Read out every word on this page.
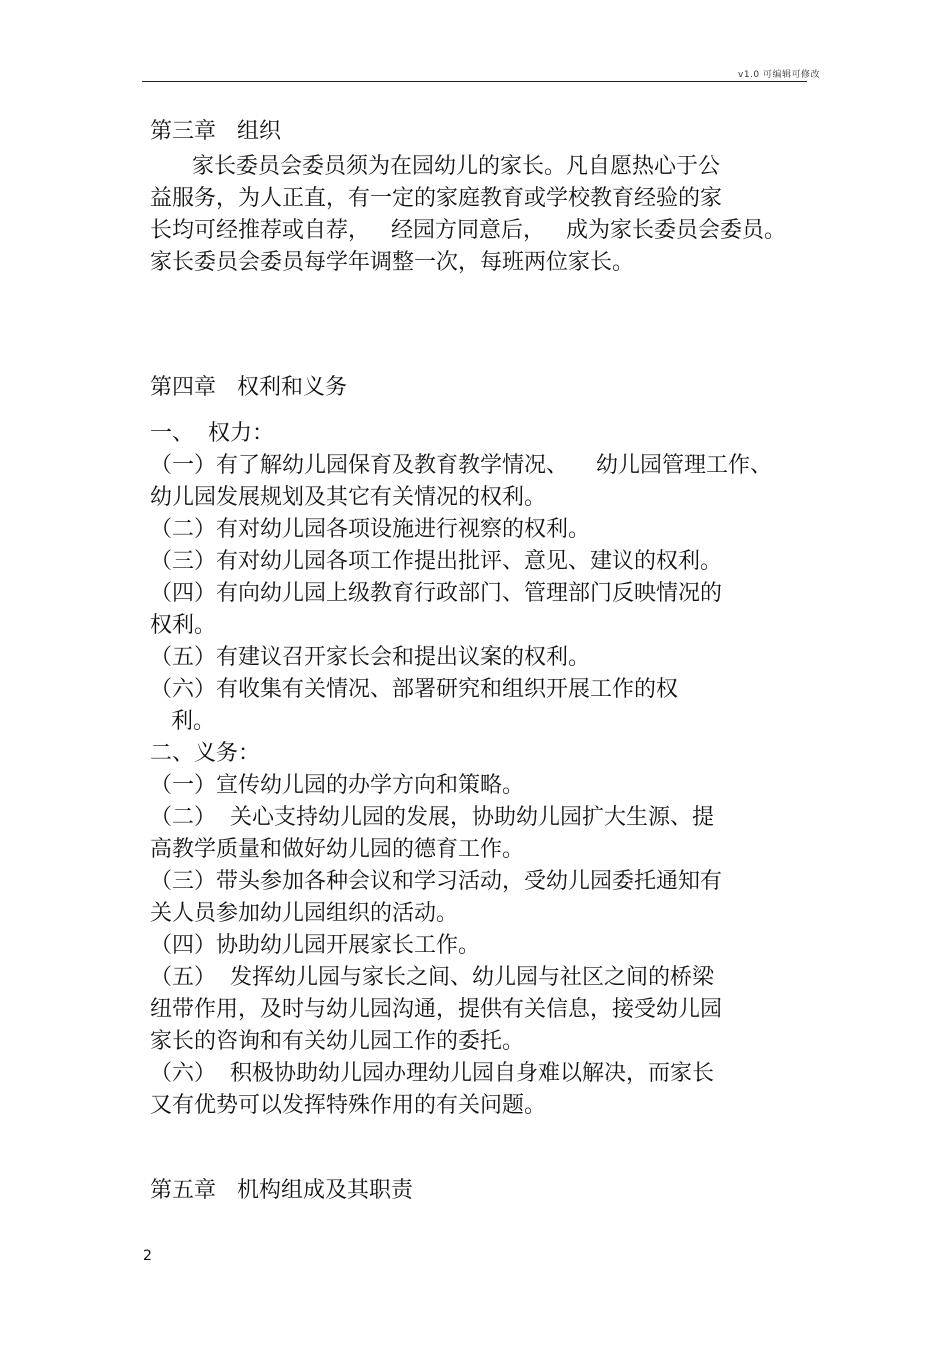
v1.0 可编辑可修改
第三章   组织
家长委员会委员须为在园幼儿的家长。凡自愿热心于公
益服务，为人正直，有一定的家庭教育或学校教育经验的家
长均可经推荐或自荐，   经园方同意后，   成为家长委员会委员。
家长委员会委员每学年调整一次，每班两位家长。
第四章   权利和义务
一、  权力：
（一）有了解幼儿园保育及教育教学情况、    幼儿园管理工作、
幼儿园发展规划及其它有关情况的权利。
（二）有对幼儿园各项设施进行视察的权利。
（三）有对幼儿园各项工作提出批评、意见、建议的权利。
（四）有向幼儿园上级教育行政部门、管理部门反映情况的
权利。
（五）有建议召开家长会和提出议案的权利。
（六）有收集有关情况、部署研究和组织开展工作的权
利。
二、义务：
（一）宣传幼儿园的办学方向和策略。
（二）  关心支持幼儿园的发展，协助幼儿园扩大生源、提
高教学质量和做好幼儿园的德育工作。
（三）带头参加各种会议和学习活动，受幼儿园委托通知有
关人员参加幼儿园组织的活动。
（四）协助幼儿园开展家长工作。
（五）  发挥幼儿园与家长之间、幼儿园与社区之间的桥梁
纽带作用，及时与幼儿园沟通，提供有关信息，接受幼儿园
家长的咨询和有关幼儿园工作的委托。
（六）  积极协助幼儿园办理幼儿园自身难以解决，而家长
又有优势可以发挥特殊作用的有关问题。
第五章   机构组成及其职责
2
